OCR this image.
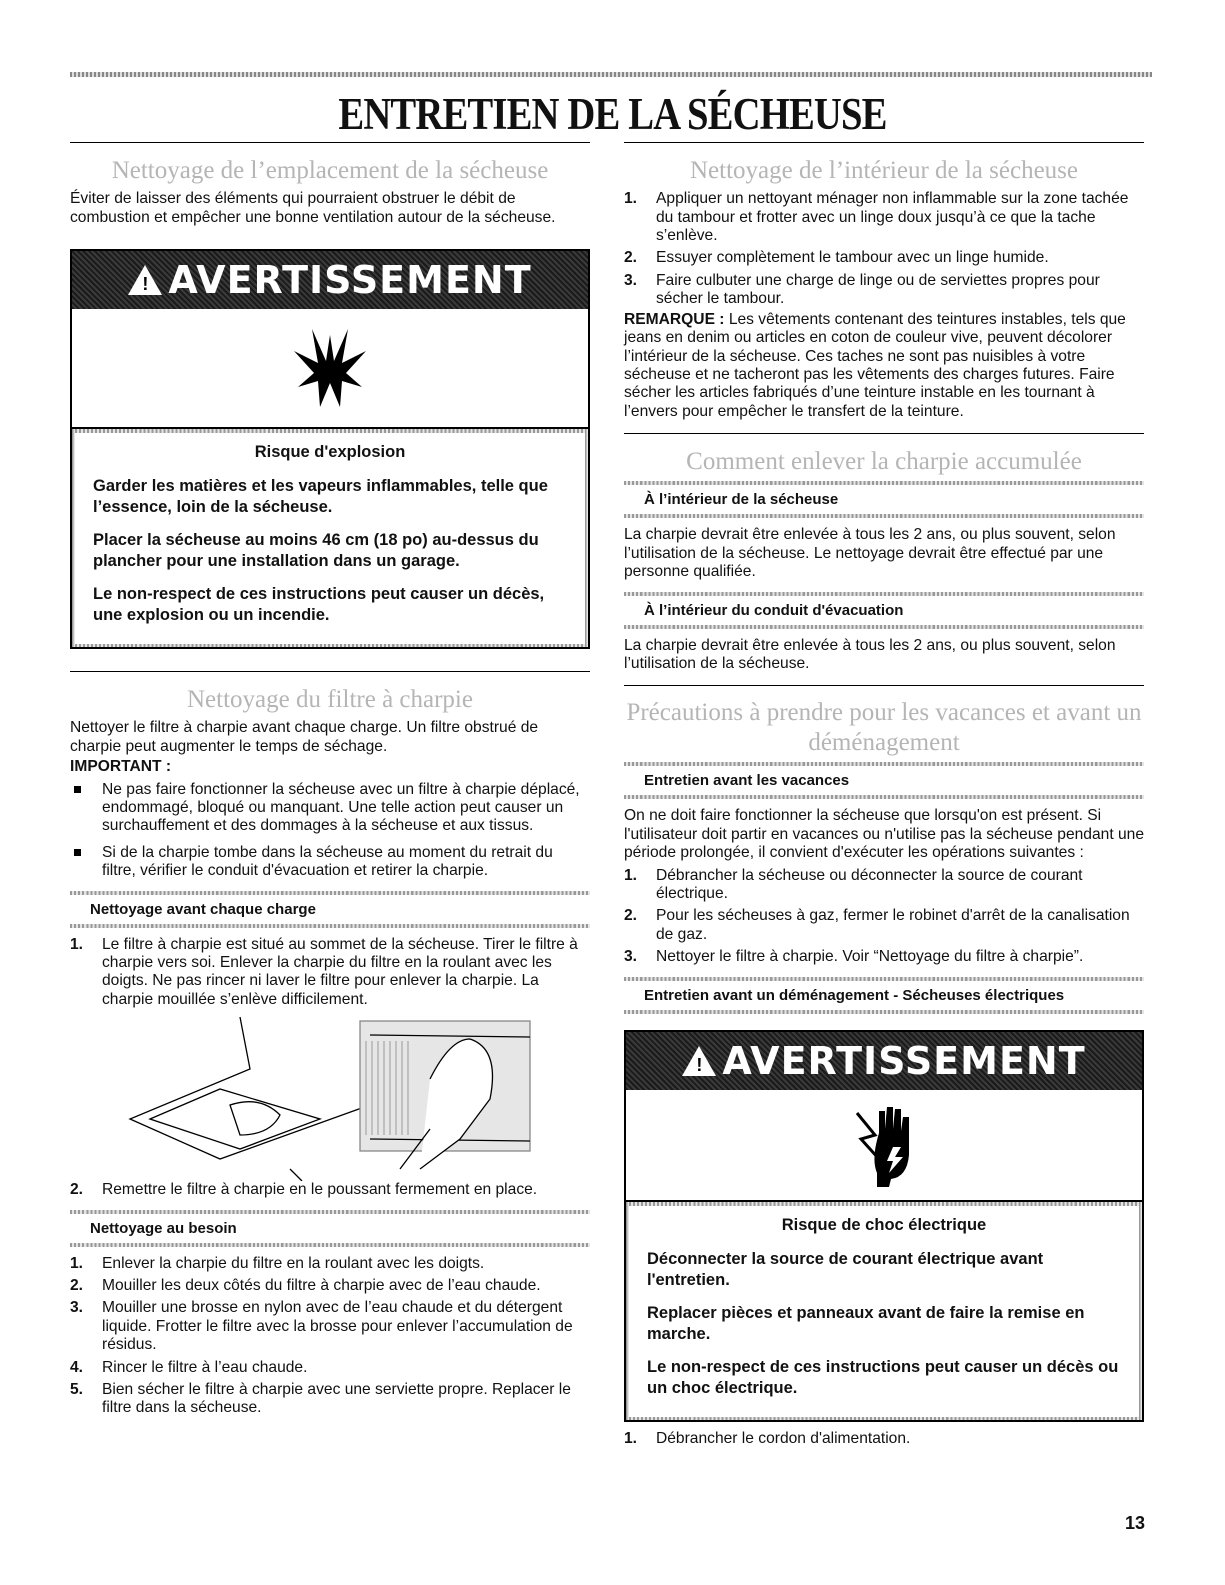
ENTRETIEN DE LA SÉCHEUSE
Nettoyage de l’emplacement de la sécheuse

Éviter de laisser des éléments qui pourraient obstruer le débit de combustion et empêcher une bonne ventilation autour de la sécheuse.

! AVERTISSEMENT
Risque d'explosion
Garder les matières et les vapeurs inflammables, telle que l’essence, loin de la sécheuse.
Placer la sécheuse au moins 46 cm (18 po) au-dessus du plancher pour une installation dans un garage.
Le non-respect de ces instructions peut causer un décès, une explosion ou un incendie.
Nettoyage du filtre à charpie

Nettoyer le filtre à charpie avant chaque charge. Un filtre obstrué de charpie peut augmenter le temps de séchage.

IMPORTANT :

Ne pas faire fonctionner la sécheuse avec un filtre à charpie déplacé, endommagé, bloqué ou manquant. Une telle action peut causer un surchauffement et des dommages à la sécheuse et aux tissus.
Si de la charpie tombe dans la sécheuse au moment du retrait du filtre, vérifier le conduit d'évacuation et retirer la charpie.
Nettoyage avant chaque charge
1. Le filtre à charpie est situé au sommet de la sécheuse. Tirer le filtre à charpie vers soi. Enlever la charpie du filtre en la roulant avec les doigts. Ne pas rincer ni laver le filtre pour enlever la charpie. La charpie mouillée s’enlève difficilement.
2. Remettre le filtre à charpie en le poussant fermement en place.
Nettoyage au besoin
1. Enlever la charpie du filtre en la roulant avec les doigts.
2. Mouiller les deux côtés du filtre à charpie avec de l’eau chaude.
3. Mouiller une brosse en nylon avec de l’eau chaude et du détergent liquide. Frotter le filtre avec la brosse pour enlever l’accumulation de résidus.
4. Rincer le filtre à l’eau chaude.
5. Bien sécher le filtre à charpie avec une serviette propre. Replacer le filtre dans la sécheuse.
Nettoyage de l’intérieur de la sécheuse
1. Appliquer un nettoyant ménager non inflammable sur la zone tachée du tambour et frotter avec un linge doux jusqu’à ce que la tache s’enlève.
2. Essuyer complètement le tambour avec un linge humide.
3. Faire culbuter une charge de linge ou de serviettes propres pour sécher le tambour.

REMARQUE : Les vêtements contenant des teintures instables, tels que jeans en denim ou articles en coton de couleur vive, peuvent décolorer l’intérieur de la sécheuse. Ces taches ne sont pas nuisibles à votre sécheuse et ne tacheront pas les vêtements des charges futures. Faire sécher les articles fabriqués d’une teinture instable en les tournant à l’envers pour empêcher le transfert de la teinture.

Comment enlever la charpie accumulée
À l’intérieur de la sécheuse

La charpie devrait être enlevée à tous les 2 ans, ou plus souvent, selon l’utilisation de la sécheuse. Le nettoyage devrait être effectué par une personne qualifiée.

À l’intérieur du conduit d'évacuation

La charpie devrait être enlevée à tous les 2 ans, ou plus souvent, selon l’utilisation de la sécheuse.

Précautions à prendre pour les vacances et avant un déménagement
Entretien avant les vacances

On ne doit faire fonctionner la sécheuse que lorsqu'on est présent. Si l'utilisateur doit partir en vacances ou n'utilise pas la sécheuse pendant une période prolongée, il convient d'exécuter les opérations suivantes :

1. Débrancher la sécheuse ou déconnecter la source de courant électrique.
2. Pour les sécheuses à gaz, fermer le robinet d'arrêt de la canalisation de gaz.
3. Nettoyer le filtre à charpie. Voir “Nettoyage du filtre à charpie”.
Entretien avant un déménagement - Sécheuses électriques
! AVERTISSEMENT
Risque de choc électrique
Déconnecter la source de courant électrique avant l'entretien.
Replacer pièces et panneaux avant de faire la remise en marche.
Le non-respect de ces instructions peut causer un décès ou un choc électrique.
1. Débrancher le cordon d'alimentation.
13
